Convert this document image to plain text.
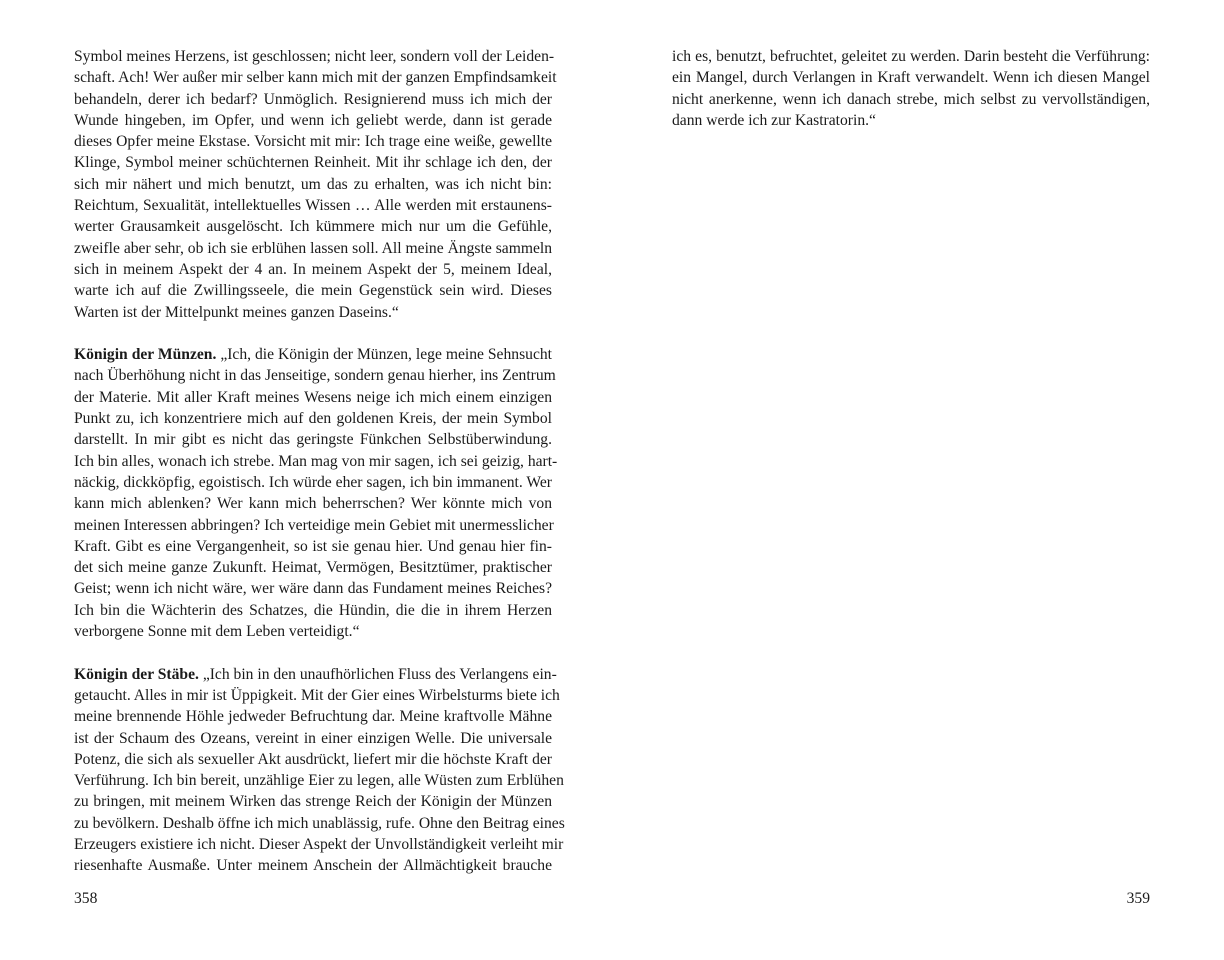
Symbol meines Herzens, ist geschlossen; nicht leer, sondern voll der Leiden-
schaft. Ach! Wer außer mir selber kann mich mit der ganzen Empfindsamkeit
behandeln, derer ich bedarf? Unmöglich. Resignierend muss ich mich der
Wunde hingeben, im Opfer, und wenn ich geliebt werde, dann ist gerade
dieses Opfer meine Ekstase. Vorsicht mit mir: Ich trage eine weiße, gewellte
Klinge, Symbol meiner schüchternen Reinheit. Mit ihr schlage ich den, der
sich mir nähert und mich benutzt, um das zu erhalten, was ich nicht bin:
Reichtum, Sexualität, intellektuelles Wissen … Alle werden mit erstaunens-
werter Grausamkeit ausgelöscht. Ich kümmere mich nur um die Gefühle,
zweifle aber sehr, ob ich sie erblühen lassen soll. All meine Ängste sammeln
sich in meinem Aspekt der 4 an. In meinem Aspekt der 5, meinem Ideal,
warte ich auf die Zwillingsseele, die mein Gegenstück sein wird. Dieses
Warten ist der Mittelpunkt meines ganzen Daseins.“
Königin der Münzen. „Ich, die Königin der Münzen, lege meine Sehnsucht
nach Überhöhung nicht in das Jenseitige, sondern genau hierher, ins Zentrum
der Materie. Mit aller Kraft meines Wesens neige ich mich einem einzigen
Punkt zu, ich konzentriere mich auf den goldenen Kreis, der mein Symbol
darstellt. In mir gibt es nicht das geringste Fünkchen Selbstüberwindung.
Ich bin alles, wonach ich strebe. Man mag von mir sagen, ich sei geizig, hart-
näckig, dickköpfig, egoistisch. Ich würde eher sagen, ich bin immanent. Wer
kann mich ablenken? Wer kann mich beherrschen? Wer könnte mich von
meinen Interessen abbringen? Ich verteidige mein Gebiet mit unermesslicher
Kraft. Gibt es eine Vergangenheit, so ist sie genau hier. Und genau hier fin-
det sich meine ganze Zukunft. Heimat, Vermögen, Besitztümer, praktischer
Geist; wenn ich nicht wäre, wer wäre dann das Fundament meines Reiches?
Ich bin die Wächterin des Schatzes, die Hündin, die die in ihrem Herzen
verborgene Sonne mit dem Leben verteidigt.“
Königin der Stäbe. „Ich bin in den unaufhörlichen Fluss des Verlangens ein-
getaucht. Alles in mir ist Üppigkeit. Mit der Gier eines Wirbelsturms biete ich
meine brennende Höhle jedweder Befruchtung dar. Meine kraftvolle Mähne
ist der Schaum des Ozeans, vereint in einer einzigen Welle. Die universale
Potenz, die sich als sexueller Akt ausdrückt, liefert mir die höchste Kraft der
Verführung. Ich bin bereit, unzählige Eier zu legen, alle Wüsten zum Erblühen
zu bringen, mit meinem Wirken das strenge Reich der Königin der Münzen
zu bevölkern. Deshalb öffne ich mich unablässig, rufe. Ohne den Beitrag eines
Erzeugers existiere ich nicht. Dieser Aspekt der Unvollständigkeit verleiht mir
riesenhafte Ausmaße. Unter meinem Anschein der Allmächtigkeit brauche
358
ich es, benutzt, befruchtet, geleitet zu werden. Darin besteht die Verführung:
ein Mangel, durch Verlangen in Kraft verwandelt. Wenn ich diesen Mangel
nicht anerkenne, wenn ich danach strebe, mich selbst zu vervollständigen,
dann werde ich zur Kastratorin.“
359
